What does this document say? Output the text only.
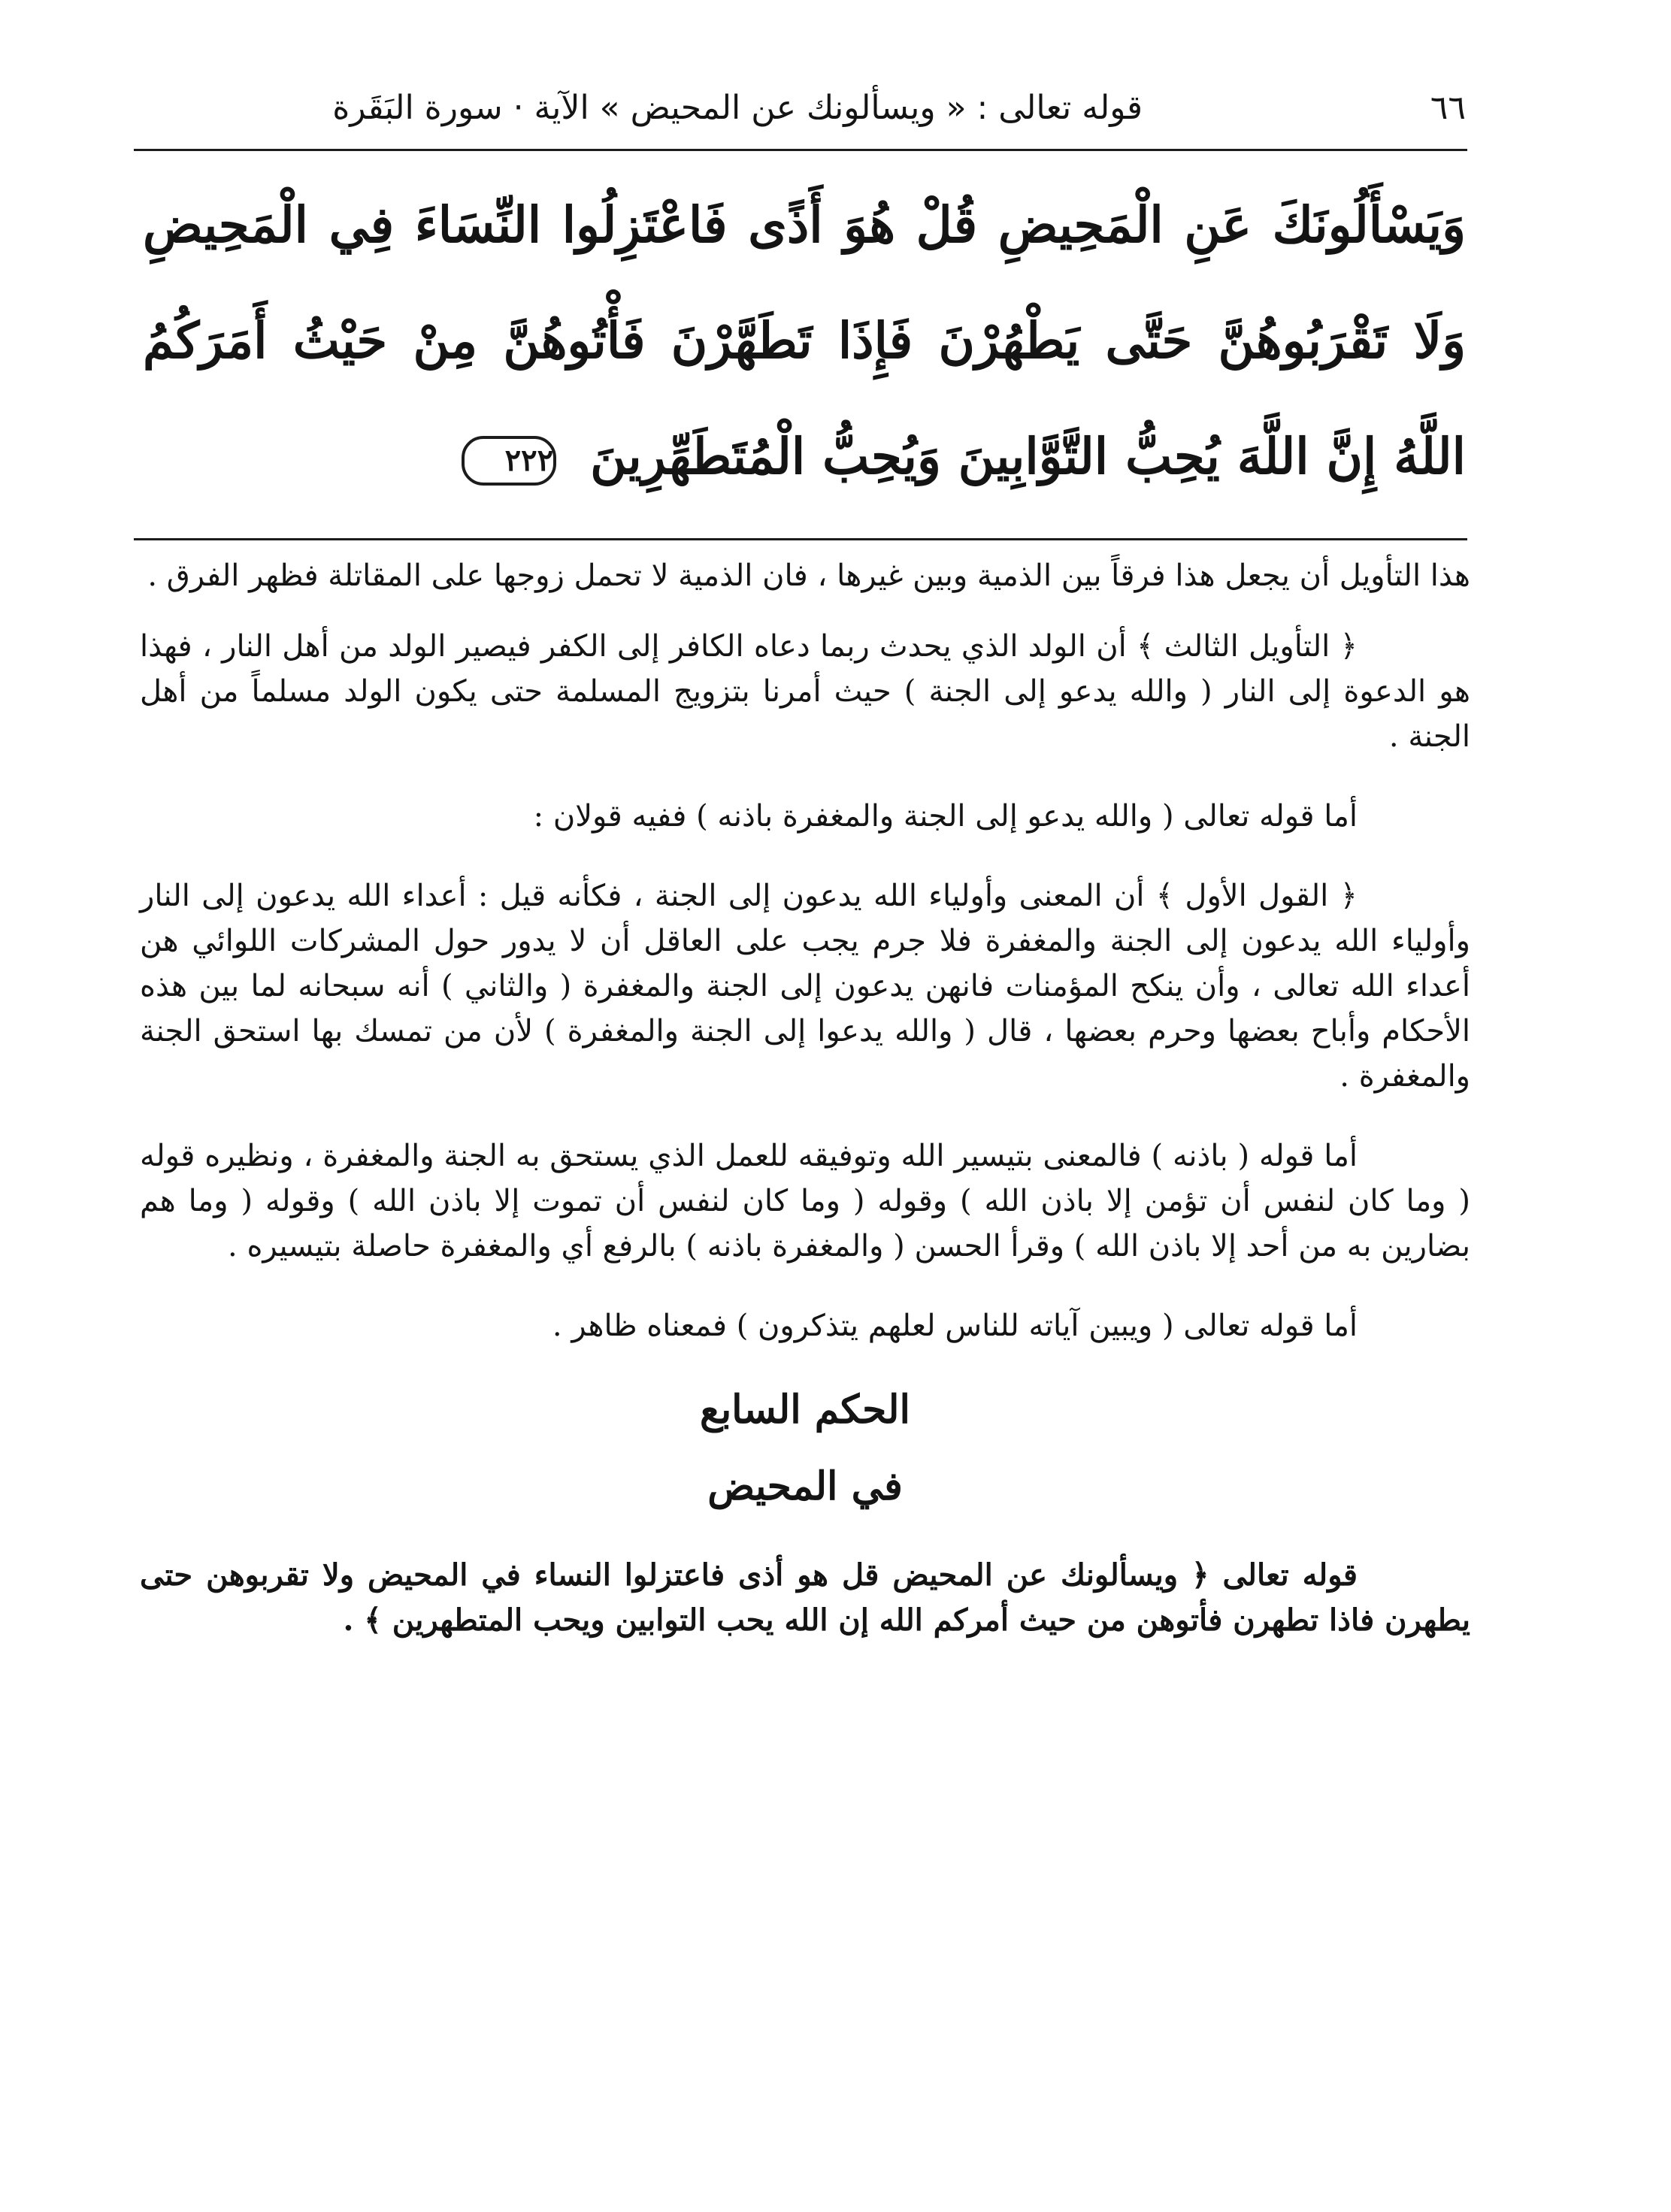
٦٦
قوله تعالى : « ويسألونك عن المحيض » الآية · سورة البَقَرة
وَيَسْأَلُونَكَ عَنِ الْمَحِيضِ قُلْ هُوَ أَذًى فَاعْتَزِلُوا النِّسَاءَ فِي الْمَحِيضِ وَلَا تَقْرَبُوهُنَّ حَتَّى يَطْهُرْنَ فَإِذَا تَطَهَّرْنَ فَأْتُوهُنَّ مِنْ حَيْثُ أَمَرَكُمُ اللَّهُ إِنَّ اللَّهَ يُحِبُّ التَّوَّابِينَ وَيُحِبُّ الْمُتَطَهِّرِينَ ٢٢٢

هذا التأويل أن يجعل هذا فرقاً بين الذمية وبين غيرها ، فان الذمية لا تحمل زوجها على المقاتلة فظهر الفرق .

﴿ التأويل الثالث ﴾ أن الولد الذي يحدث ربما دعاه الكافر إلى الكفر فيصير الولد من أهل النار ، فهذا هو الدعوة إلى النار ( والله يدعو إلى الجنة ) حيث أمرنا بتزويج المسلمة حتى يكون الولد مسلماً من أهل الجنة .

أما قوله تعالى ( والله يدعو إلى الجنة والمغفرة باذنه ) ففيه قولان :

﴿ القول الأول ﴾ أن المعنى وأولياء الله يدعون إلى الجنة ، فكأنه قيل : أعداء الله يدعون إلى النار وأولياء الله يدعون إلى الجنة والمغفرة فلا جرم يجب على العاقل أن لا يدور حول المشركات اللوائي هن أعداء الله تعالى ، وأن ينكح المؤمنات فانهن يدعون إلى الجنة والمغفرة ( والثاني ) أنه سبحانه لما بين هذه الأحكام وأباح بعضها وحرم بعضها ، قال ( والله يدعوا إلى الجنة والمغفرة ) لأن من تمسك بها استحق الجنة والمغفرة .

أما قوله ( باذنه ) فالمعنى بتيسير الله وتوفيقه للعمل الذي يستحق به الجنة والمغفرة ، ونظيره قوله ( وما كان لنفس أن تؤمن إلا باذن الله ) وقوله ( وما كان لنفس أن تموت إلا باذن الله ) وقوله ( وما هم بضارين به من أحد إلا باذن الله ) وقرأ الحسن ( والمغفرة باذنه ) بالرفع أي والمغفرة حاصلة بتيسيره .

أما قوله تعالى ( ويبين آياته للناس لعلهم يتذكرون ) فمعناه ظاهر .

الحكم السابع
في المحيض

قوله تعالى ﴿ ويسألونك عن المحيض قل هو أذى فاعتزلوا النساء في المحيض ولا تقربوهن حتى يطهرن فاذا تطهرن فأتوهن من حيث أمركم الله إن الله يحب التوابين ويحب المتطهرين ﴾ .
